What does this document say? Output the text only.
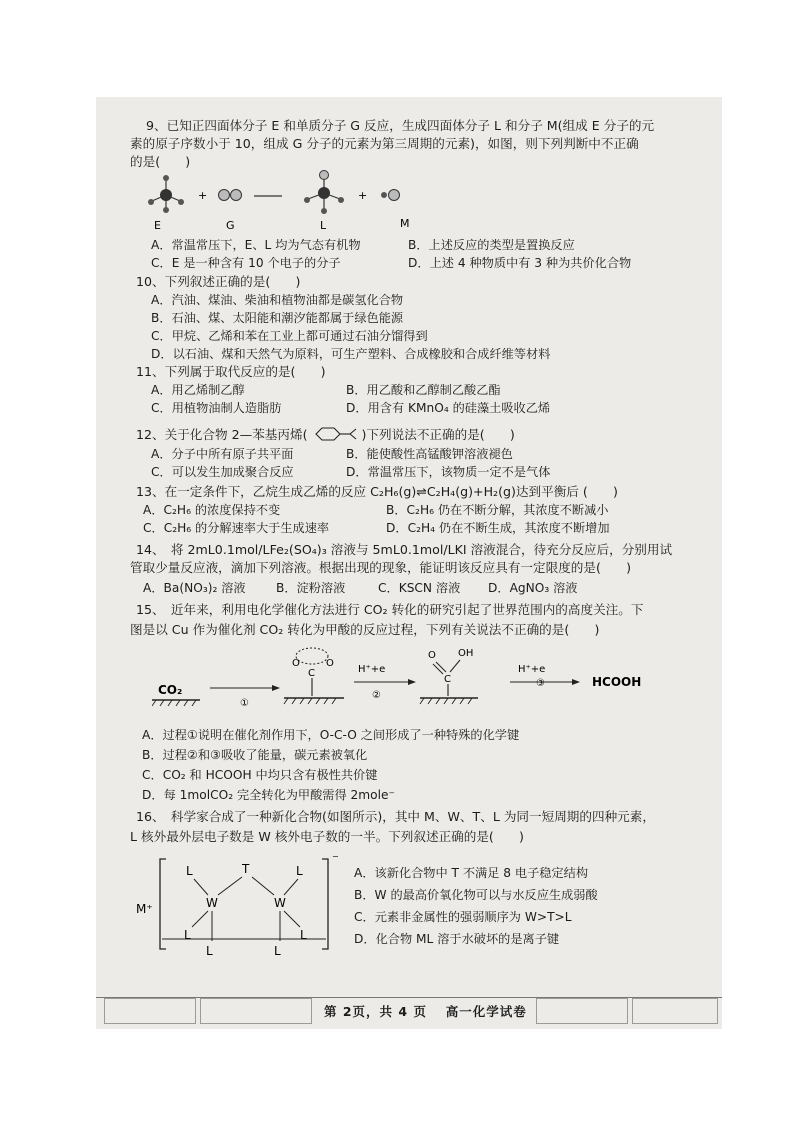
9、已知正四面体分子 E 和单质分子 G 反应，生成四面体分子 L 和分子 M(组成 E 分子的元
素的原子序数小于 10，组成 G 分子的元素为第三周期的元素)，如图，则下列判断中不正确
的是(　　)
+	+
E	G	L	M
A．常温常压下，E、L 均为气态有机物	B．上述反应的类型是置换反应
C．E 是一种含有 10 个电子的分子	D．上述 4 种物质中有 3 种为共价化合物
10、下列叙述正确的是(　　)
A．汽油、煤油、柴油和植物油都是碳氢化合物
B．石油、煤、太阳能和潮汐能都属于绿色能源
C．甲烷、乙烯和苯在工业上都可通过石油分馏得到
D．以石油、煤和天然气为原料，可生产塑料、合成橡胶和合成纤维等材料
11、下列属于取代反应的是(　　)
A．用乙烯制乙醇	B．用乙酸和乙醇制乙酸乙酯
C．用植物油制人造脂肪	D．用含有 KMnO₄ 的硅藻土吸收乙烯
12、关于化合物 2—苯基丙烯(	)下列说法不正确的是(　　)
A．分子中所有原子共平面	B．能使酸性高锰酸钾溶液褪色
C．可以发生加成聚合反应	D．常温常压下，该物质一定不是气体
13、在一定条件下，乙烷生成乙烯的反应 C₂H₆(g)⇌C₂H₄(g)+H₂(g)达到平衡后 (　　)
A．C₂H₆ 的浓度保持不变	B．C₂H₆ 仍在不断分解，其浓度不断减小
C．C₂H₆ 的分解速率大于生成速率	D．C₂H₄ 仍在不断生成，其浓度不断增加
14、　将 2mL0.1mol/LFe₂(SO₄)₃ 溶液与 5mL0.1mol/LKI 溶液混合，待充分反应后，分别用试
管取少量反应液，滴加下列溶液。根据出现的现象，能证明该反应具有一定限度的是(　　)
A．Ba(NO₃)₂ 溶液 B．淀粉溶液	C．KSCN 溶液 D．AgNO₃ 溶液
15、　近年来，利用电化学催化方法进行 CO₂ 转化的研究引起了世界范围内的高度关注。下
图是以 Cu 作为催化剂 CO₂ 转化为甲酸的反应过程，下列有关说法不正确的是(　　)
CO₂
①
O	O
C	H⁺+e
②
O OH
C
H⁺+e
③	HCOOH
A．过程①说明在催化剂作用下，O-C-O 之间形成了一种特殊的化学键
B．过程②和③吸收了能量，碳元素被氧化
C．CO₂ 和 HCOOH 中均只含有极性共价键
D．每 1molCO₂ 完全转化为甲酸需得 2mole⁻
16、　科学家合成了一种新化合物(如图所示)，其中 M、W、T、L 为同一短周期的四种元素，
L 核外最外层电子数是 W 核外电子数的一半。下列叙述正确的是(　　)
M⁺
⁻
L	T	L
W	W
L	L
L	L
A．该新化合物中 T 不满足 8 电子稳定结构
B．W 的最高价氧化物可以与水反应生成弱酸
C．元素非金属性的强弱顺序为 W>T>L
D．化合物 ML 溶于水破坏的是离子键
第 2页，共 4 页　 高一化学试卷
